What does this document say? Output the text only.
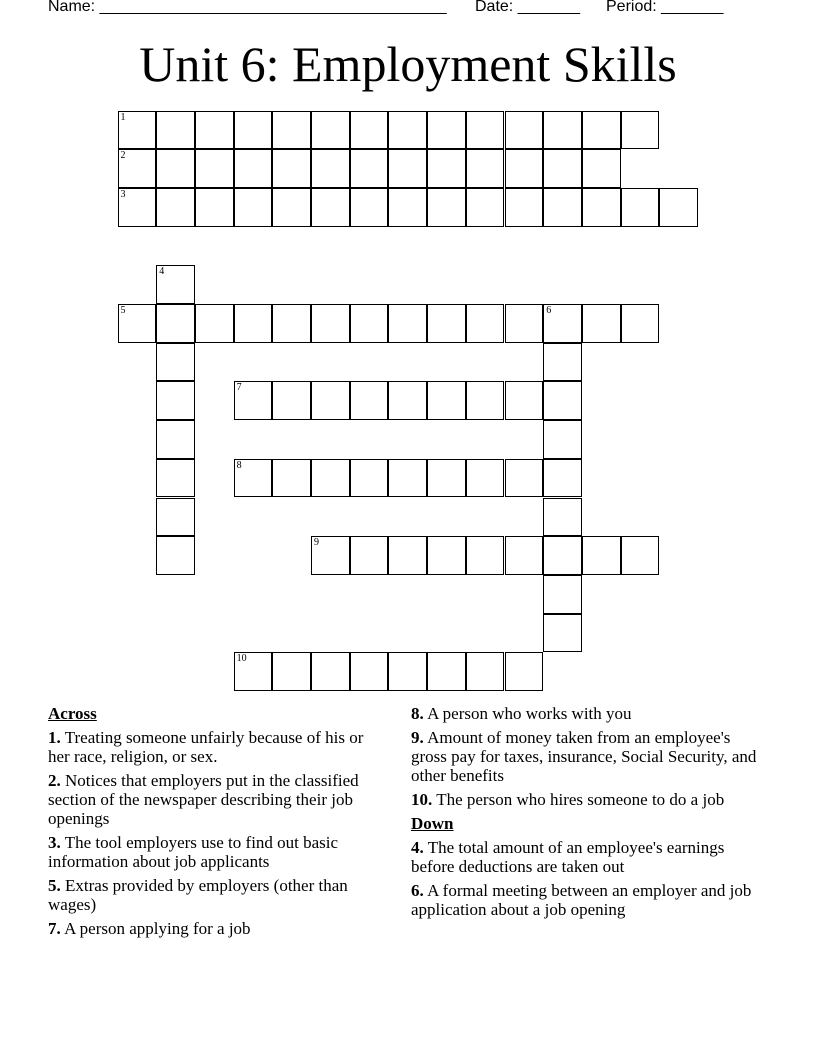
Name: _______________________________________ Date: _______ Period: _______
Unit 6: Employment Skills
1
2
3
4
5	6
7
8
9
10
Across
1. Treating someone unfairly because of his or her race, religion, or sex.
2. Notices that employers put in the classified section of the newspaper describing their job openings
3. The tool employers use to find out basic information about job applicants
5. Extras provided by employers (other than wages)
7. A person applying for a job
8. A person who works with you
9. Amount of money taken from an employee's gross pay for taxes, insurance, Social Security, and other benefits
10. The person who hires someone to do a job
Down
4. The total amount of an employee's earnings before deductions are taken out
6. A formal meeting between an employer and job application about a job opening
